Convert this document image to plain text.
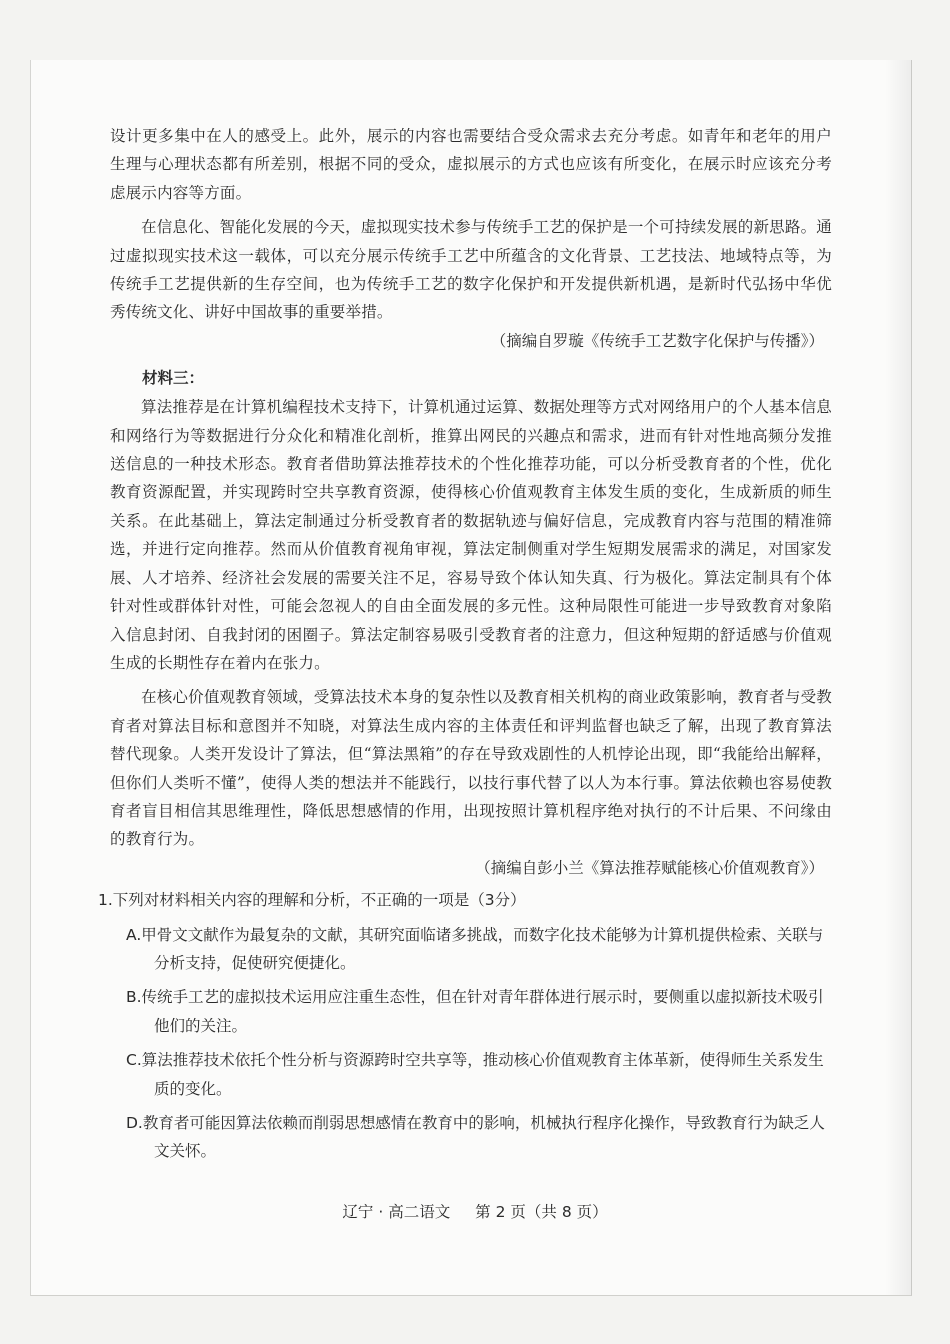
设计更多集中在人的感受上。此外，展示的内容也需要结合受众需求去充分考虑。如青年和老年的用户生理与心理状态都有所差别，根据不同的受众，虚拟展示的方式也应该有所变化，在展示时应该充分考虑展示内容等方面。

在信息化、智能化发展的今天，虚拟现实技术参与传统手工艺的保护是一个可持续发展的新思路。通过虚拟现实技术这一载体，可以充分展示传统手工艺中所蕴含的文化背景、工艺技法、地域特点等，为传统手工艺提供新的生存空间，也为传统手工艺的数字化保护和开发提供新机遇，是新时代弘扬中华优秀传统文化、讲好中国故事的重要举措。

（摘编自罗璇《传统手工艺数字化保护与传播》）

材料三：

算法推荐是在计算机编程技术支持下，计算机通过运算、数据处理等方式对网络用户的个人基本信息和网络行为等数据进行分众化和精准化剖析，推算出网民的兴趣点和需求，进而有针对性地高频分发推送信息的一种技术形态。教育者借助算法推荐技术的个性化推荐功能，可以分析受教育者的个性，优化教育资源配置，并实现跨时空共享教育资源，使得核心价值观教育主体发生质的变化，生成新质的师生关系。在此基础上，算法定制通过分析受教育者的数据轨迹与偏好信息，完成教育内容与范围的精准筛选，并进行定向推荐。然而从价值教育视角审视，算法定制侧重对学生短期发展需求的满足，对国家发展、人才培养、经济社会发展的需要关注不足，容易导致个体认知失真、行为极化。算法定制具有个体针对性或群体针对性，可能会忽视人的自由全面发展的多元性。这种局限性可能进一步导致教育对象陷入信息封闭、自我封闭的困圈子。算法定制容易吸引受教育者的注意力，但这种短期的舒适感与价值观生成的长期性存在着内在张力。

在核心价值观教育领域，受算法技术本身的复杂性以及教育相关机构的商业政策影响，教育者与受教育者对算法目标和意图并不知晓，对算法生成内容的主体责任和评判监督也缺乏了解，出现了教育算法替代现象。人类开发设计了算法，但“算法黑箱”的存在导致戏剧性的人机悖论出现，即“我能给出解释，但你们人类听不懂”，使得人类的想法并不能践行，以技行事代替了以人为本行事。算法依赖也容易使教育者盲目相信其思维理性，降低思想感情的作用，出现按照计算机程序绝对执行的不计后果、不问缘由的教育行为。

（摘编自彭小兰《算法推荐赋能核心价值观教育》）

1.下列对材料相关内容的理解和分析，不正确的一项是（3分）

A.甲骨文文献作为最复杂的文献，其研究面临诸多挑战，而数字化技术能够为计算机提供检索、关联与分析支持，促使研究便捷化。

B.传统手工艺的虚拟技术运用应注重生态性，但在针对青年群体进行展示时，要侧重以虚拟新技术吸引他们的关注。

C.算法推荐技术依托个性分析与资源跨时空共享等，推动核心价值观教育主体革新，使得师生关系发生质的变化。

D.教育者可能因算法依赖而削弱思想感情在教育中的影响，机械执行程序化操作，导致教育行为缺乏人文关怀。

辽宁 · 高二语文 第 2 页（共 8 页）
